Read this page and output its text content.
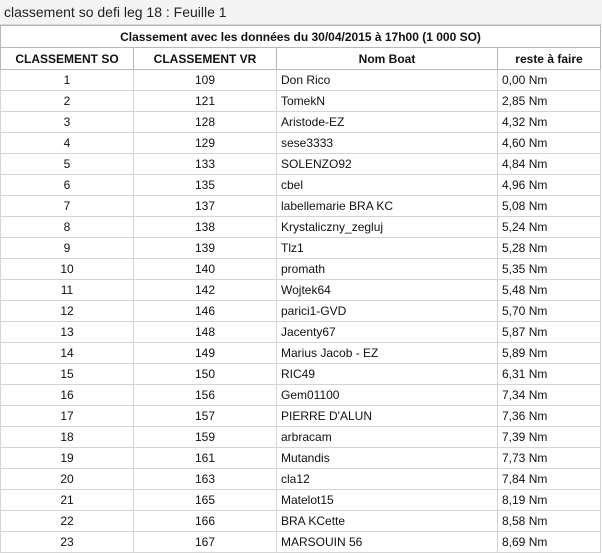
classement so defi leg 18 : Feuille 1
Classement avec les données du 30/04/2015 à 17h00 (1 000 SO)			
CLASSEMENT SO	CLASSEMENT VR	Nom Boat	reste à faire
1	109	Don Rico	0,00 Nm
2	121	TomekN	2,85 Nm
3	128	Aristode-EZ	4,32 Nm
4	129	sese3333	4,60 Nm
5	133	SOLENZO92	4,84 Nm
6	135	cbel	4,96 Nm
7	137	labellemarie BRA KC	5,08 Nm
8	138	Krystaliczny_zegluj	5,24 Nm
9	139	Tlz1	5,28 Nm
10	140	promath	5,35 Nm
11	142	Wojtek64	5,48 Nm
12	146	parici1-GVD	5,70 Nm
13	148	Jacenty67	5,87 Nm
14	149	Marius Jacob - EZ	5,89 Nm
15	150	RIC49	6,31 Nm
16	156	Gem01100	7,34 Nm
17	157	PIERRE D'ALUN	7,36 Nm
18	159	arbracam	7,39 Nm
19	161	Mutandis	7,73 Nm
20	163	cla12	7,84 Nm
21	165	Matelot15	8,19 Nm
22	166	BRA KCette	8,58 Nm
23	167	MARSOUIN 56	8,69 Nm
